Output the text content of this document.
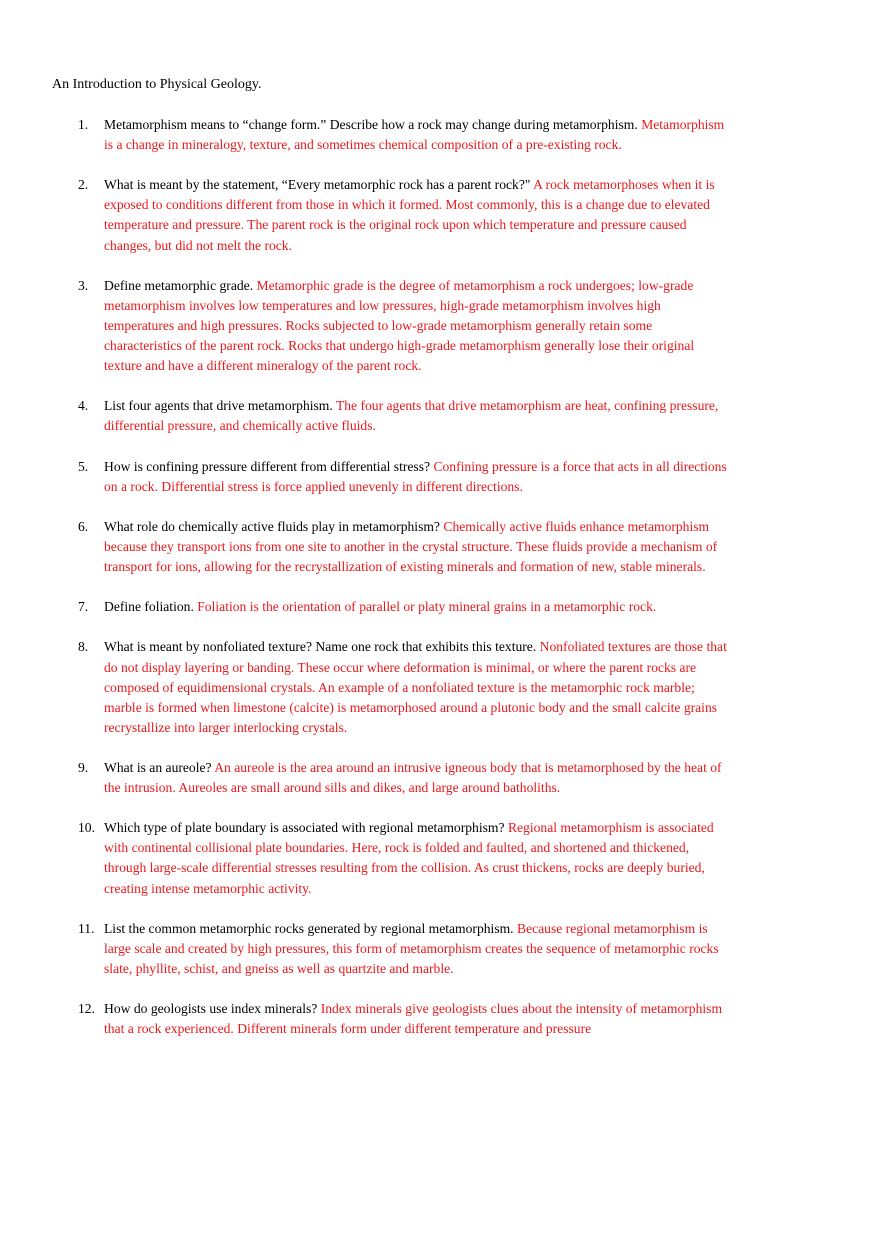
An Introduction to Physical Geology.
1. Metamorphism means to “change form.” Describe how a rock may change during metamorphism. Metamorphism is a change in mineralogy, texture, and sometimes chemical composition of a pre-existing rock.
2. What is meant by the statement, “Every metamorphic rock has a parent rock?" A rock metamorphoses when it is exposed to conditions different from those in which it formed. Most commonly, this is a change due to elevated temperature and pressure. The parent rock is the original rock upon which temperature and pressure caused changes, but did not melt the rock.
3. Define metamorphic grade. Metamorphic grade is the degree of metamorphism a rock undergoes; low-grade metamorphism involves low temperatures and low pressures, high-grade metamorphism involves high temperatures and high pressures. Rocks subjected to low-grade metamorphism generally retain some characteristics of the parent rock. Rocks that undergo high-grade metamorphism generally lose their original texture and have a different mineralogy of the parent rock.
4. List four agents that drive metamorphism. The four agents that drive metamorphism are heat, confining pressure, differential pressure, and chemically active fluids.
5. How is confining pressure different from differential stress? Confining pressure is a force that acts in all directions on a rock. Differential stress is force applied unevenly in different directions.
6. What role do chemically active fluids play in metamorphism? Chemically active fluids enhance metamorphism because they transport ions from one site to another in the crystal structure. These fluids provide a mechanism of transport for ions, allowing for the recrystallization of existing minerals and formation of new, stable minerals.
7. Define foliation. Foliation is the orientation of parallel or platy mineral grains in a metamorphic rock.
8. What is meant by nonfoliated texture? Name one rock that exhibits this texture. Nonfoliated textures are those that do not display layering or banding. These occur where deformation is minimal, or where the parent rocks are composed of equidimensional crystals. An example of a nonfoliated texture is the metamorphic rock marble; marble is formed when limestone (calcite) is metamorphosed around a plutonic body and the small calcite grains recrystallize into larger interlocking crystals.
9. What is an aureole? An aureole is the area around an intrusive igneous body that is metamorphosed by the heat of the intrusion. Aureoles are small around sills and dikes, and large around batholiths.
10. Which type of plate boundary is associated with regional metamorphism? Regional metamorphism is associated with continental collisional plate boundaries. Here, rock is folded and faulted, and shortened and thickened, through large-scale differential stresses resulting from the collision. As crust thickens, rocks are deeply buried, creating intense metamorphic activity.
11. List the common metamorphic rocks generated by regional metamorphism. Because regional metamorphism is large scale and created by high pressures, this form of metamorphism creates the sequence of metamorphic rocks slate, phyllite, schist, and gneiss as well as quartzite and marble.
12. How do geologists use index minerals? Index minerals give geologists clues about the intensity of metamorphism that a rock experienced. Different minerals form under different temperature and pressure
